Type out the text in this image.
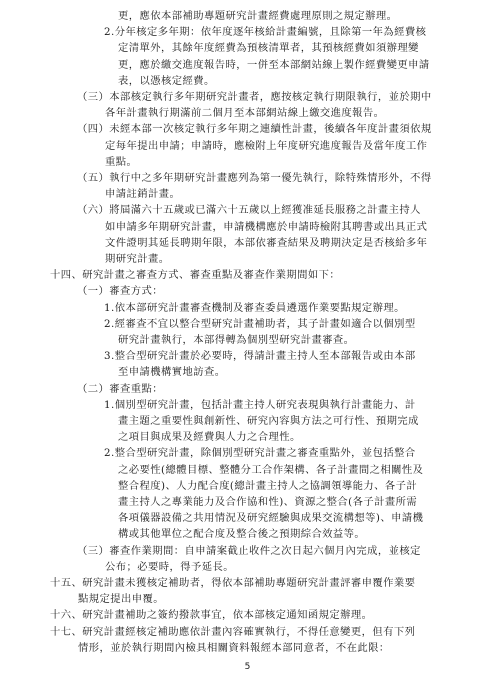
更，應依本部補助專題研究計畫經費處理原則之規定辦理。
2.分年核定多年期：依年度逐年核給計畫編號，且除第一年為經費核
定清單外，其餘年度經費為預核清單者，其預核經費如須辦理變
更，應於繳交進度報告時，一併至本部網站線上製作經費變更申請
表，以憑核定經費。
（三）本部核定執行多年期研究計畫者，應按核定執行期限執行，並於期中
各年計畫執行期滿前二個月至本部網站線上繳交進度報告。
（四）未經本部一次核定執行多年期之連續性計畫，後續各年度計畫須依規
定每年提出申請；申請時，應檢附上年度研究進度報告及當年度工作
重點。
（五）執行中之多年期研究計畫應列為第一優先執行，除特殊情形外，不得
申請註銷計畫。
（六）將屆滿六十五歲或已滿六十五歲以上經獲准延長服務之計畫主持人
如申請多年期研究計畫，申請機構應於申請時檢附其聘書或出具正式
文件證明其延長聘期年限，本部依審查結果及聘期決定是否核給多年
期研究計畫。
十四、研究計畫之審查方式、審查重點及審查作業期間如下：
（一）審查方式：
1.依本部研究計畫審查機制及審查委員遴選作業要點規定辦理。
2.經審查不宜以整合型研究計畫補助者，其子計畫如適合以個別型
研究計畫執行，本部得轉為個別型研究計畫審查。
3.整合型研究計畫於必要時，得請計畫主持人至本部報告或由本部
至申請機構實地訪查。
（二）審查重點：
1.個別型研究計畫，包括計畫主持人研究表現與執行計畫能力、計
畫主題之重要性與創新性、研究內容與方法之可行性、預期完成
之項目與成果及經費與人力之合理性。
2.整合型研究計畫，除個別型研究計畫之審查重點外，並包括整合
之必要性(總體目標、整體分工合作架構、各子計畫間之相關性及
整合程度)、人力配合度(總計畫主持人之協調領導能力、各子計
畫主持人之專業能力及合作協和性)、資源之整合(各子計畫所需
各項儀器設備之共用情況及研究經驗與成果交流構想等)、申請機
構或其他單位之配合度及整合後之預期綜合效益等。
（三）審查作業期間：自申請案截止收件之次日起六個月內完成，並核定
公布；必要時，得予延長。
十五、研究計畫未獲核定補助者，得依本部補助專題研究計畫評審申覆作業要
點規定提出申覆。
十六、研究計畫補助之簽約撥款事宜，依本部核定通知函規定辦理。
十七、研究計畫經核定補助應依計畫內容確實執行，不得任意變更，但有下列
情形，並於執行期間內檢具相關資料報經本部同意者，不在此限：
5
